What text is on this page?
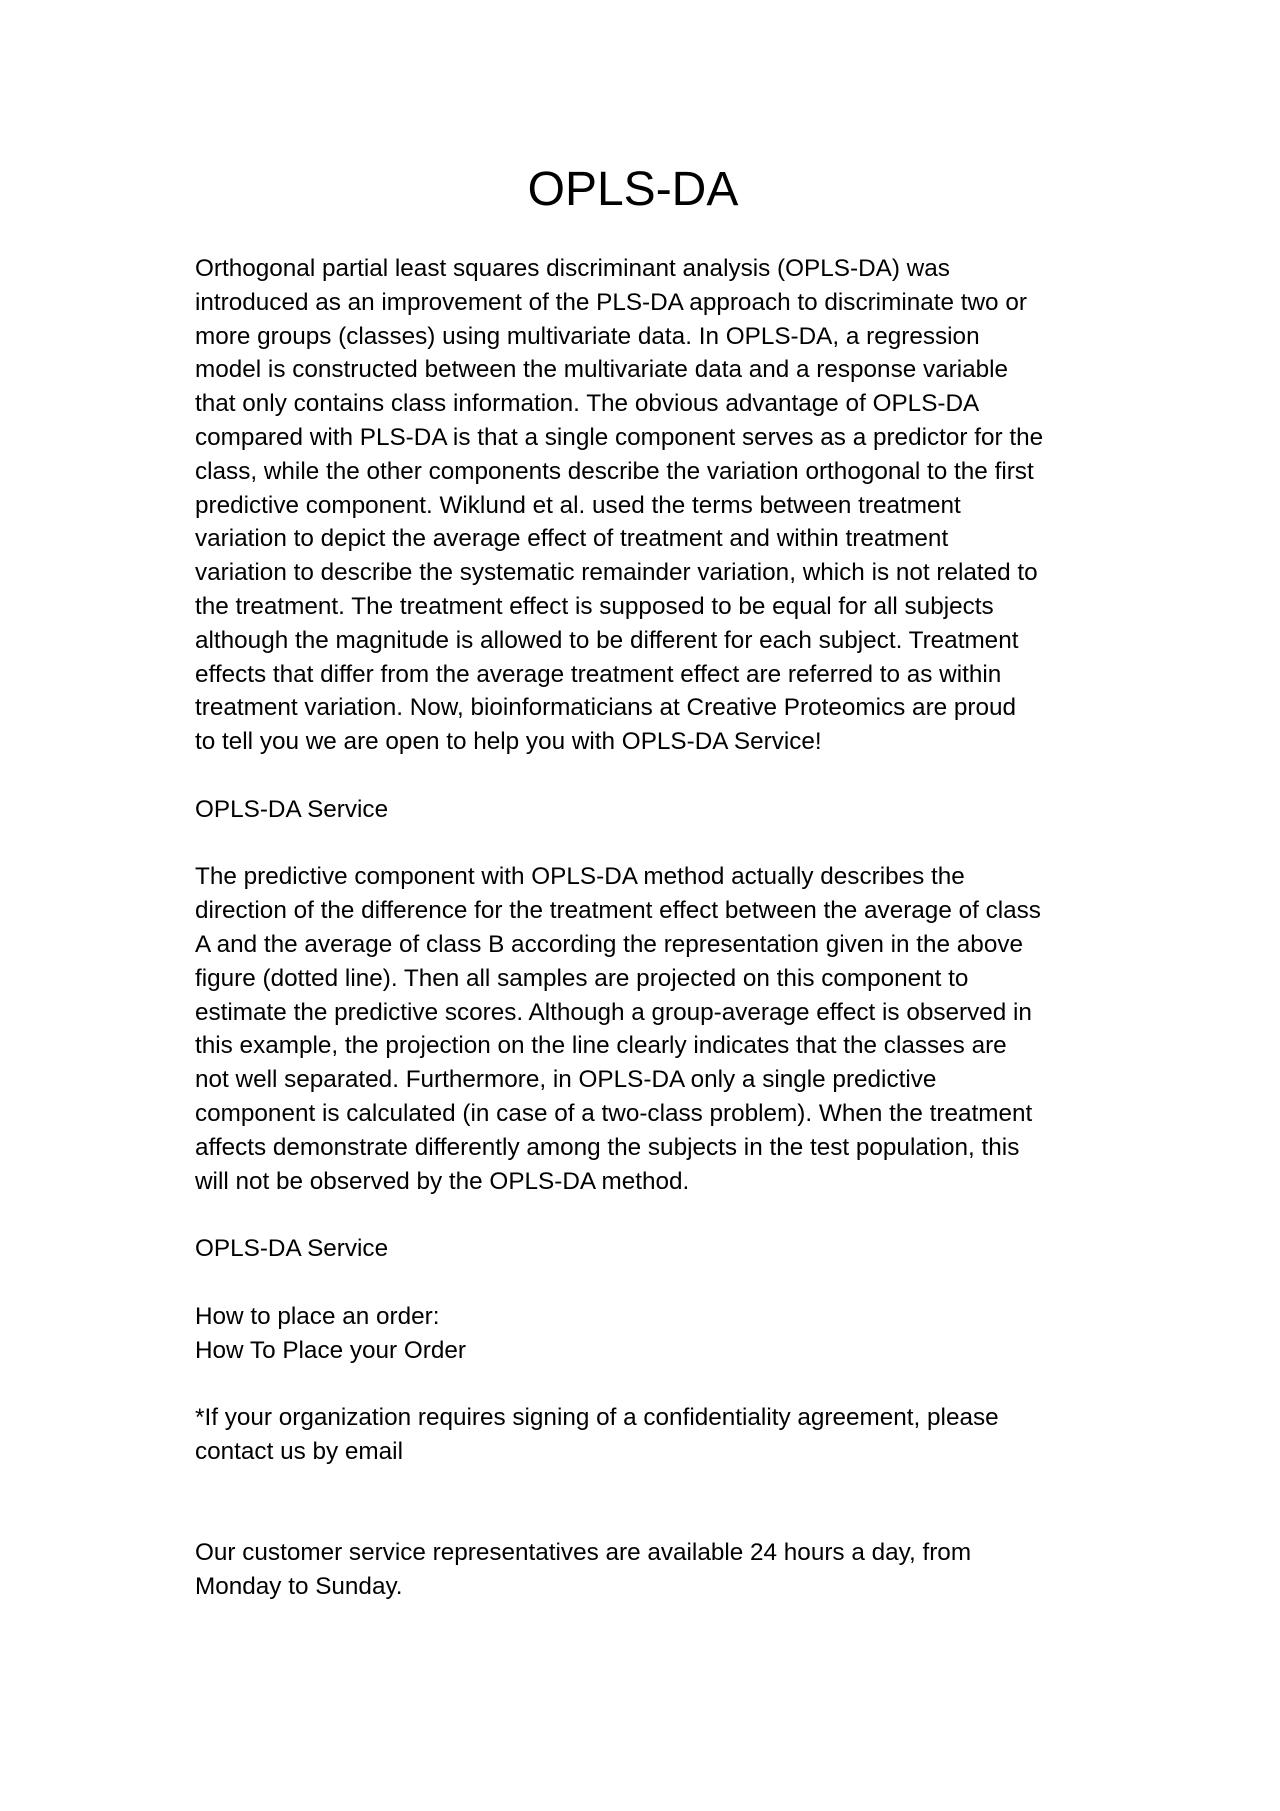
OPLS-DA
Orthogonal partial least squares discriminant analysis (OPLS-DA) was
introduced as an improvement of the PLS-DA approach to discriminate two or
more groups (classes) using multivariate data. In OPLS-DA, a regression
model is constructed between the multivariate data and a response variable
that only contains class information. The obvious advantage of OPLS-DA
compared with PLS-DA is that a single component serves as a predictor for the
class, while the other components describe the variation orthogonal to the first
predictive component. Wiklund et al. used the terms between treatment
variation to depict the average effect of treatment and within treatment
variation to describe the systematic remainder variation, which is not related to
the treatment. The treatment effect is supposed to be equal for all subjects
although the magnitude is allowed to be different for each subject. Treatment
effects that differ from the average treatment effect are referred to as within
treatment variation. Now, bioinformaticians at Creative Proteomics are proud
to tell you we are open to help you with OPLS-DA Service!
OPLS-DA Service
The predictive component with OPLS-DA method actually describes the
direction of the difference for the treatment effect between the average of class
A and the average of class B according the representation given in the above
figure (dotted line). Then all samples are projected on this component to
estimate the predictive scores. Although a group-average effect is observed in
this example, the projection on the line clearly indicates that the classes are
not well separated. Furthermore, in OPLS-DA only a single predictive
component is calculated (in case of a two-class problem). When the treatment
affects demonstrate differently among the subjects in the test population, this
will not be observed by the OPLS-DA method.
OPLS-DA Service
How to place an order:
How To Place your Order
*If your organization requires signing of a confidentiality agreement, please
contact us by email
Our customer service representatives are available 24 hours a day, from
Monday to Sunday.
